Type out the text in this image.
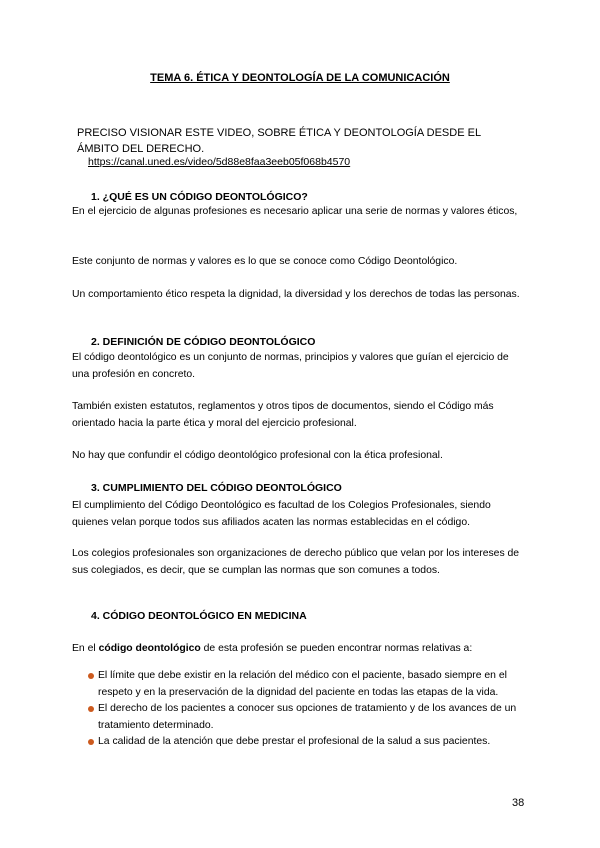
TEMA 6. ÉTICA Y DEONTOLOGÍA DE LA COMUNICACIÓN

PRECISO VISIONAR ESTE VIDEO, SOBRE ÉTICA Y DEONTOLOGÍA DESDE EL ÁMBITO DEL DERECHO.

https://canal.uned.es/video/5d88e8faa3eeb05f068b4570

1. ¿QUÉ ES UN CÓDIGO DEONTOLÓGICO?

En el ejercicio de algunas profesiones es necesario aplicar una serie de normas y valores éticos,

Este conjunto de normas y valores es lo que se conoce como Código Deontológico.

Un comportamiento ético respeta la dignidad, la diversidad y los derechos de todas las personas.

2. DEFINICIÓN DE CÓDIGO DEONTOLÓGICO

El código deontológico es un conjunto de normas, principios y valores que guían el ejercicio de una profesión en concreto.

También existen estatutos, reglamentos y otros tipos de documentos, siendo el Código más orientado hacia la parte ética y moral del ejercicio profesional.

No hay que confundir el código deontológico profesional con la ética profesional.

3. CUMPLIMIENTO DEL CÓDIGO DEONTOLÓGICO

El cumplimiento del Código Deontológico es facultad de los Colegios Profesionales, siendo quienes velan porque todos sus afiliados acaten las normas establecidas en el código.

Los colegios profesionales son organizaciones de derecho público que velan por los intereses de sus colegiados, es decir, que se cumplan las normas que son comunes a todos.

4. CÓDIGO DEONTOLÓGICO EN MEDICINA

En el código deontológico de esta profesión se pueden encontrar normas relativas a:

El límite que debe existir en la relación del médico con el paciente, basado siempre en el respeto y en la preservación de la dignidad del paciente en todas las etapas de la vida.
El derecho de los pacientes a conocer sus opciones de tratamiento y de los avances de un tratamiento determinado.
La calidad de la atención que debe prestar el profesional de la salud a sus pacientes.

38
